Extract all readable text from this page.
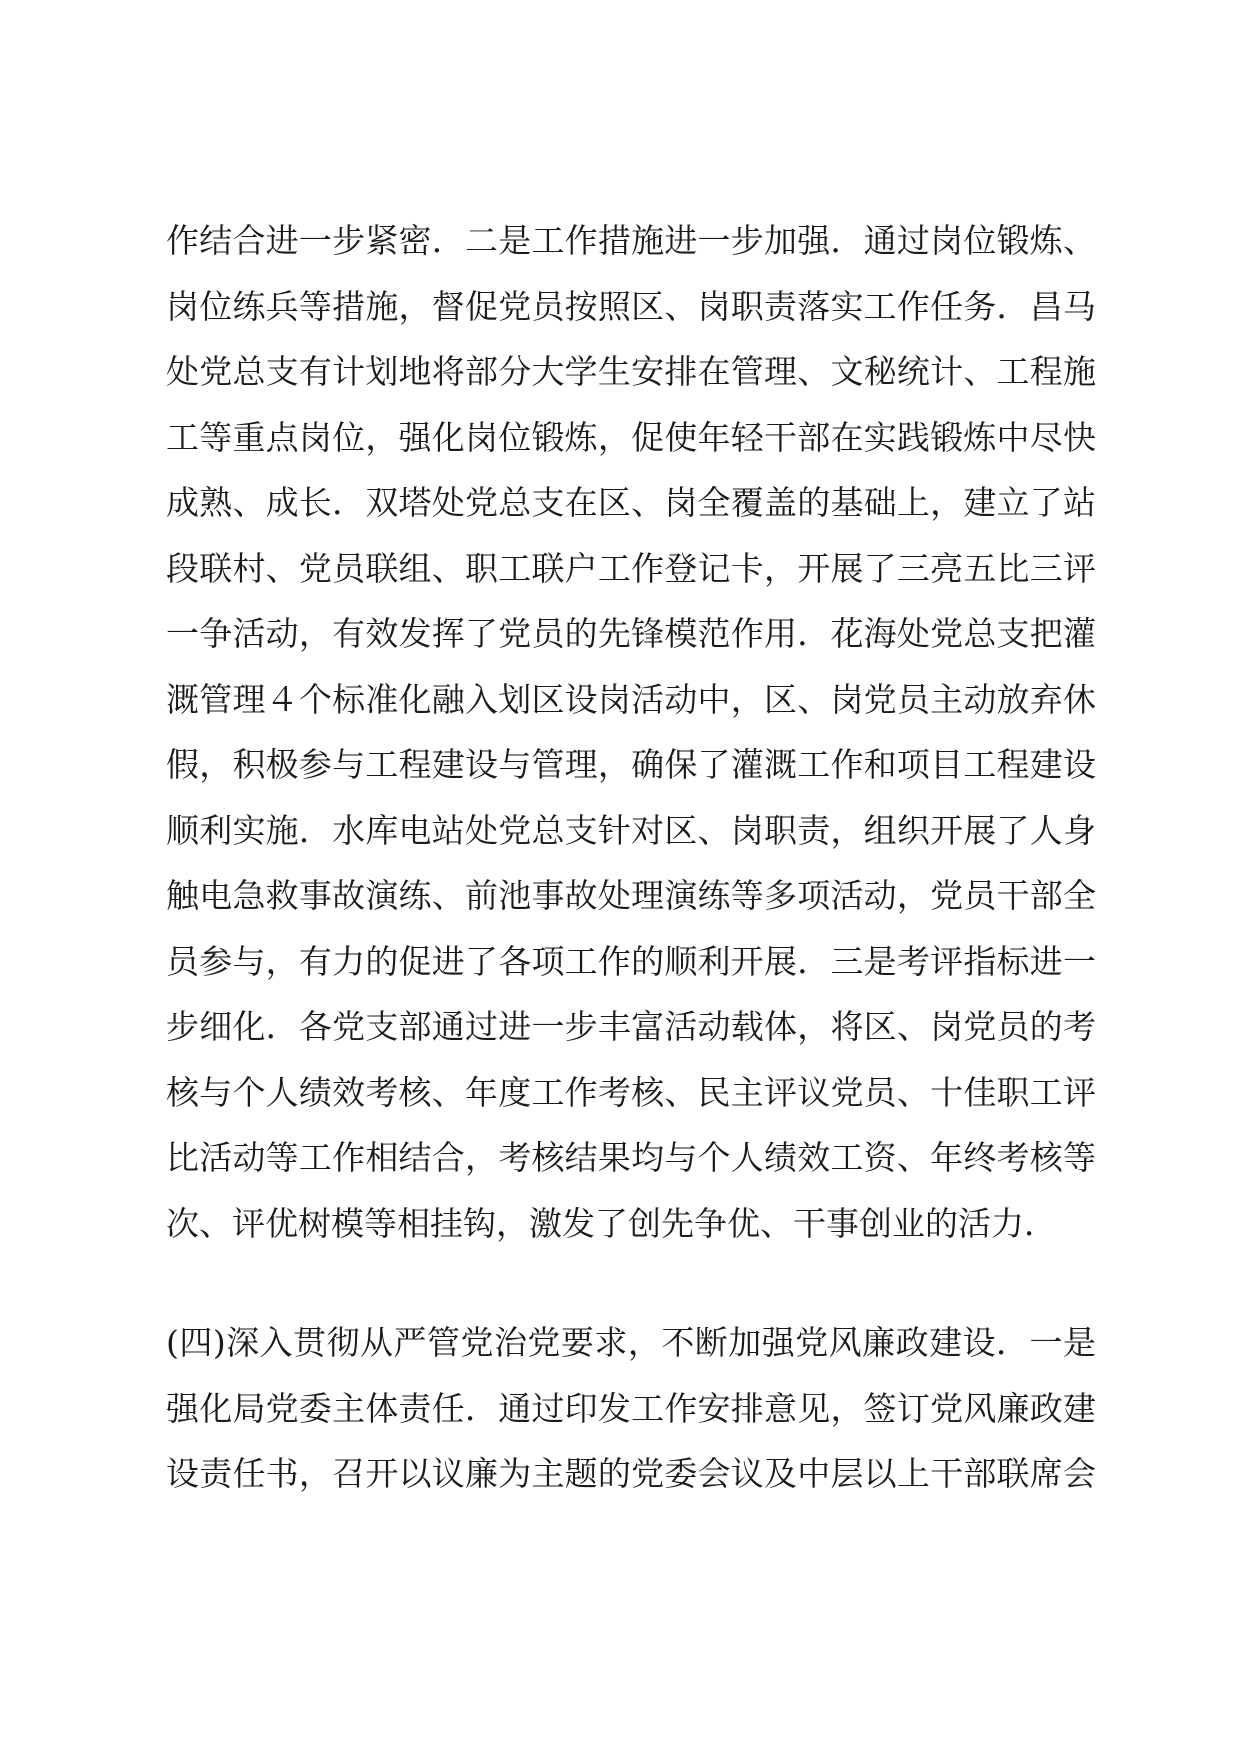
作结合进一步紧密．二是工作措施进一步加强．通过岗位锻炼、
岗位练兵等措施，督促党员按照区、岗职责落实工作任务．昌马
处党总支有计划地将部分大学生安排在管理、文秘统计、工程施
工等重点岗位，强化岗位锻炼，促使年轻干部在实践锻炼中尽快
成熟、成长．双塔处党总支在区、岗全覆盖的基础上，建立了站
段联村、党员联组、职工联户工作登记卡，开展了三亮五比三评
一争活动，有效发挥了党员的先锋模范作用．花海处党总支把灌
溉管理４个标准化融入划区设岗活动中，区、岗党员主动放弃休
假，积极参与工程建设与管理，确保了灌溉工作和项目工程建设
顺利实施．水库电站处党总支针对区、岗职责，组织开展了人身
触电急救事故演练、前池事故处理演练等多项活动，党员干部全
员参与，有力的促进了各项工作的顺利开展．三是考评指标进一
步细化．各党支部通过进一步丰富活动载体，将区、岗党员的考
核与个人绩效考核、年度工作考核、民主评议党员、十佳职工评
比活动等工作相结合，考核结果均与个人绩效工资、年终考核等
次、评优树模等相挂钩，激发了创先争优、干事创业的活力．
(四)深入贯彻从严管党治党要求，不断加强党风廉政建设．一是
强化局党委主体责任．通过印发工作安排意见，签订党风廉政建
设责任书，召开以议廉为主题的党委会议及中层以上干部联席会
